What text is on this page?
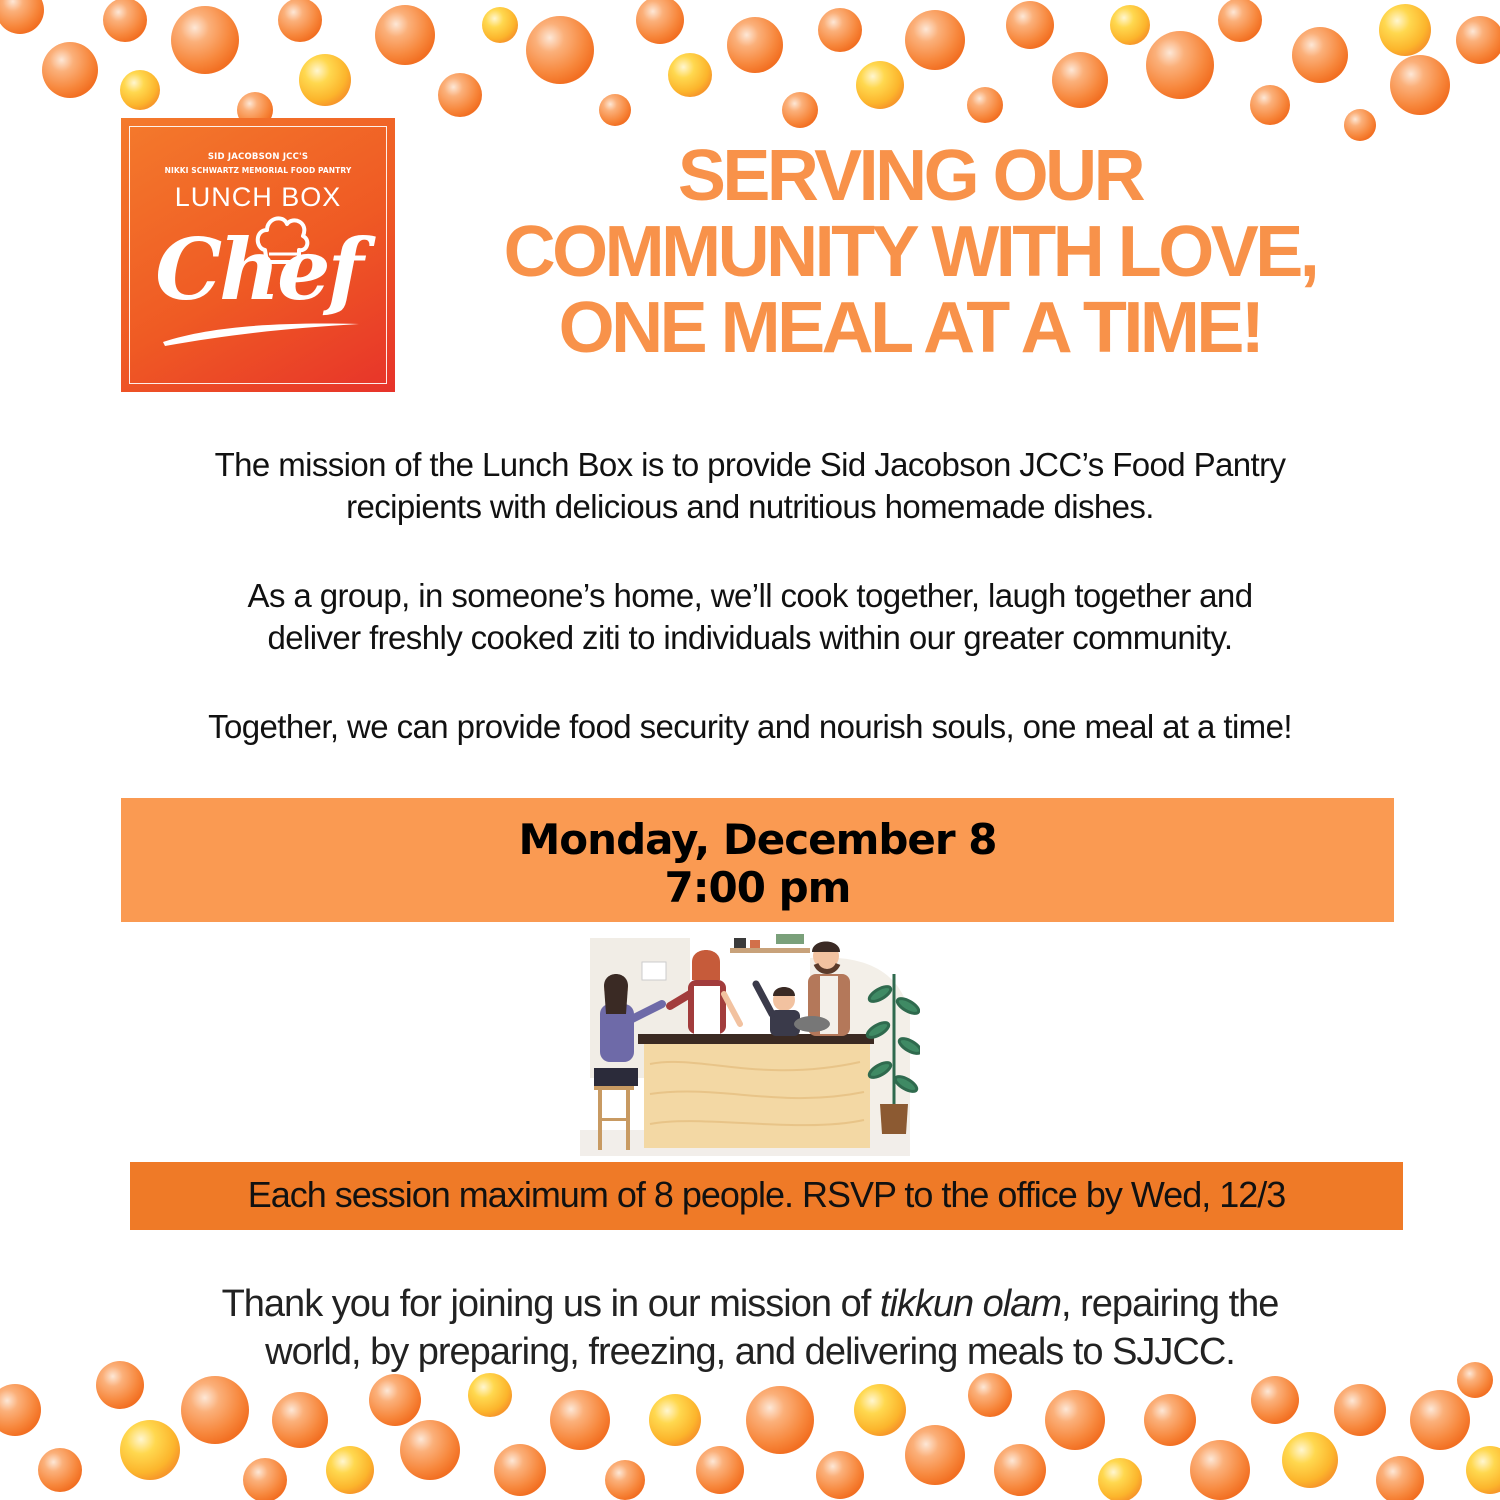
SID JACOBSON JCC'S
NIKKI SCHWARTZ MEMORIAL FOOD PANTRY
LUNCH BOX
Chef
SERVING OUR
COMMUNITY WITH LOVE,
ONE MEAL AT A TIME!
The mission of the Lunch Box is to provide Sid Jacobson JCC’s Food Pantry
recipients with delicious and nutritious homemade dishes.
As a group, in someone’s home, we’ll cook together, laugh together and
deliver freshly cooked ziti to individuals within our greater community.
Together, we can provide food security and nourish souls, one meal at a time!
Monday, December 8
7:00 pm
Each session maximum of 8 people. RSVP to the office by Wed, 12/3
Thank you for joining us in our mission of tikkun olam, repairing the
world, by preparing, freezing, and delivering meals to SJJCC.
